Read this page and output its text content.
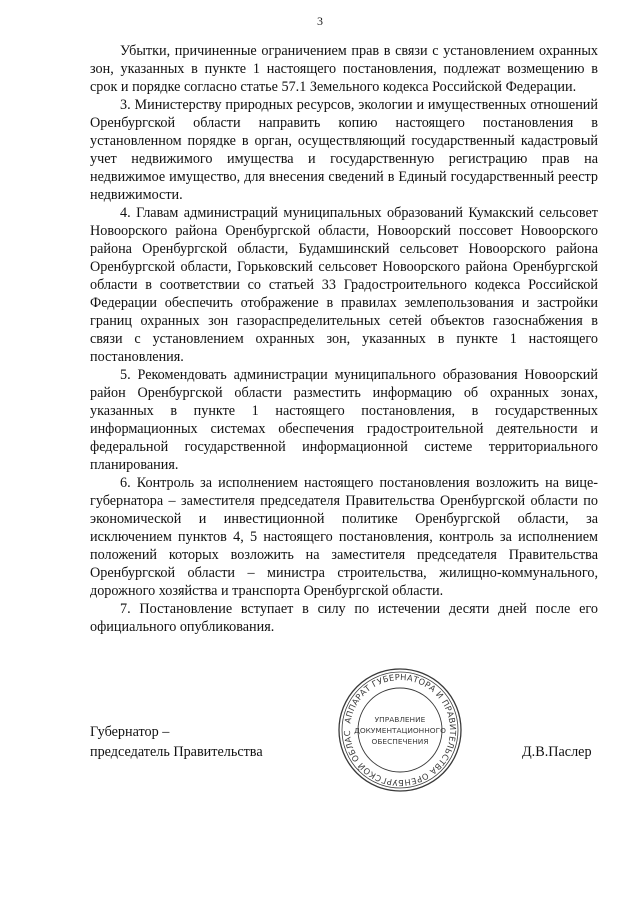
3

Убытки, причиненные ограничением прав в связи с установлением охранных зон, указанных в пункте 1 настоящего постановления, подлежат возмещению в срок и порядке согласно статье 57.1 Земельного кодекса Российской Федерации.

3. Министерству природных ресурсов, экологии и имущественных отношений Оренбургской области направить копию настоящего постановления в установленном порядке в орган, осуществляющий государственный кадастровый учет недвижимого имущества и государственную регистрацию прав на недвижимое имущество, для внесения сведений в Единый государственный реестр недвижимости.

4. Главам администраций муниципальных образований Кумакский сельсовет Новоорского района Оренбургской области, Новоорский поссовет Новоорского района Оренбургской области, Будамшинский сельсовет Новоорского района Оренбургской области, Горьковский сельсовет Новоорского района Оренбургской области в соответствии со статьей 33 Градостроительного кодекса Российской Федерации обеспечить отображение в правилах землепользования и застройки границ охранных зон газораспределительных сетей объектов газоснабжения в связи с установлением охранных зон, указанных в пункте 1 настоящего постановления.

5. Рекомендовать администрации муниципального образования Новоорский район Оренбургской области разместить информацию об охранных зонах, указанных в пункте 1 настоящего постановления, в государственных информационных системах обеспечения градостроительной деятельности и федеральной государственной информационной системе территориального планирования.

6. Контроль за исполнением настоящего постановления возложить на вице-губернатора – заместителя председателя Правительства Оренбургской области по экономической и инвестиционной политике Оренбургской области, за исключением пунктов 4, 5 настоящего постановления, контроль за исполнением положений которых возложить на заместителя председателя Правительства Оренбургской области – министра строительства, жилищно-коммунального, дорожного хозяйства и транспорта Оренбургской области.

7. Постановление вступает в силу по истечении десяти дней после его официального опубликования.

Губернатор –
председатель Правительства
АППАРАТ ГУБЕРНАТОРА И ПРАВИТЕЛЬСТВА ОРЕНБУРГСКОЙ ОБЛАС
УПРАВЛЕНИЕ
ДОКУМЕНТАЦИОННОГО
ОБЕСПЕЧЕНИЯ
Д.В.Паслер
